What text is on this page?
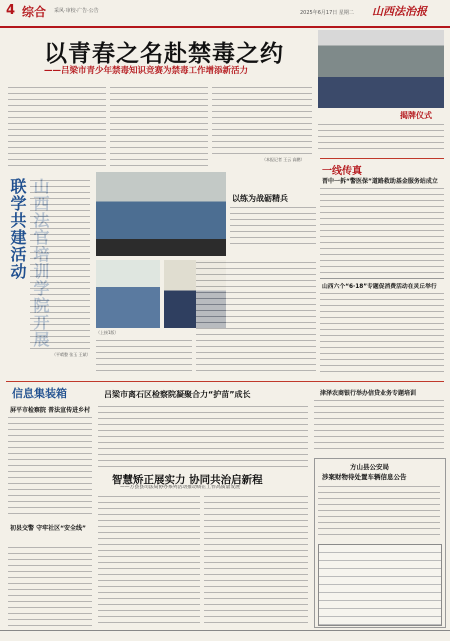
4 综合 采风·审校·广告·公告	2025年6月17日 星期二 山西法治报
以青春之名赴禁毒之约
——吕梁市青少年禁毒知识竞赛为禁毒工作增添新活力
揭牌仪式
（本报记者 王云 高鹏）
联学共建活动
（平晴整 张玉 王斌）
（上接1版）
以练为战砺精兵
一线传真
晋中一拆“警医保”道路救助基金服务站成立
山西六个“6·18”专题促消费活动在灵丘举行
信息集装箱
屏平市检察院 普法宣传进乡村
初县交警 守牢社区“安全线”
吕梁市离石区检察院凝聚合力“护苗”成长
智慧矫正展实力 协同共治启新程
——万县县司法局协办系列活动推动矫正工作高质量发展
津泽农商银行举办信贷业务专题培训
方山县公安局
涉案财物待处置车辆信息公告
